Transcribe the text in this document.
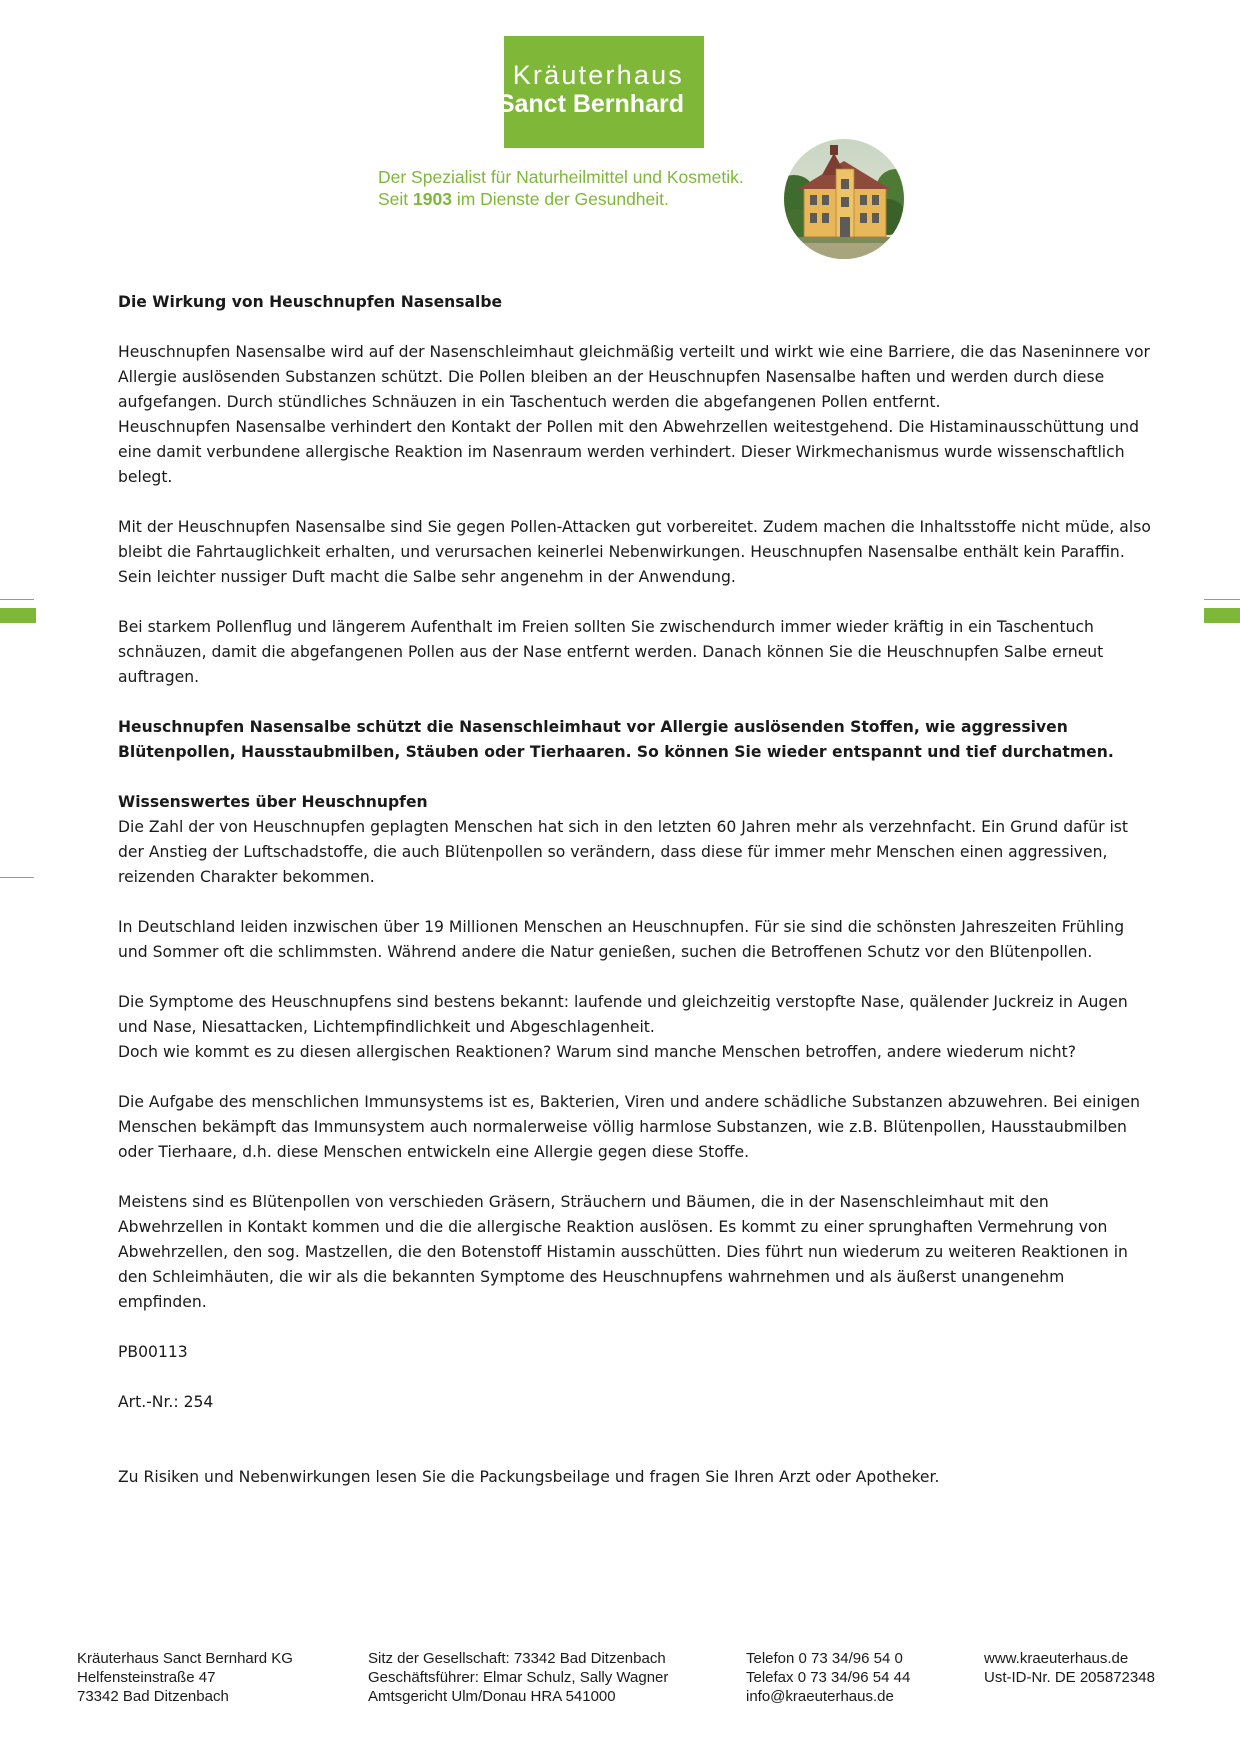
Kräuterhaus
Sanct Bernhard
Der Spezialist für Naturheilmittel und Kosmetik.
Seit 1903 im Dienste der Gesundheit.

Die Wirkung von Heuschnupfen Nasensalbe

Heuschnupfen Nasensalbe wird auf der Nasenschleimhaut gleichmäßig verteilt und wirkt wie eine Barriere, die das Naseninnere vor Allergie auslösenden Substanzen schützt. Die Pollen bleiben an der Heuschnupfen Nasensalbe haften und werden durch diese aufgefangen. Durch stündliches Schnäuzen in ein Taschentuch werden die abgefangenen Pollen entfernt.

Heuschnupfen Nasensalbe verhindert den Kontakt der Pollen mit den Abwehrzellen weitestgehend. Die Histaminausschüttung und eine damit verbundene allergische Reaktion im Nasenraum werden verhindert. Dieser Wirkmechanismus wurde wissenschaftlich belegt.

Mit der Heuschnupfen Nasensalbe sind Sie gegen Pollen-Attacken gut vorbereitet. Zudem machen die Inhaltsstoffe nicht müde, also bleibt die Fahrtauglichkeit erhalten, und verursachen keinerlei Nebenwirkungen. Heuschnupfen Nasensalbe enthält kein Paraffin. Sein leichter nussiger Duft macht die Salbe sehr angenehm in der Anwendung.

Bei starkem Pollenflug und längerem Aufenthalt im Freien sollten Sie zwischendurch immer wieder kräftig in ein Taschentuch schnäuzen, damit die abgefangenen Pollen aus der Nase entfernt werden. Danach können Sie die Heuschnupfen Salbe erneut auftragen.

Heuschnupfen Nasensalbe schützt die Nasenschleimhaut vor Allergie auslösenden Stoffen, wie aggressiven Blütenpollen, Hausstaubmilben, Stäuben oder Tierhaaren. So können Sie wieder entspannt und tief durchatmen.

Wissenswertes über Heuschnupfen
Die Zahl der von Heuschnupfen geplagten Menschen hat sich in den letzten 60 Jahren mehr als verzehnfacht. Ein Grund dafür ist der Anstieg der Luftschadstoffe, die auch Blütenpollen so verändern, dass diese für immer mehr Menschen einen aggressiven, reizenden Charakter bekommen.

In Deutschland leiden inzwischen über 19 Millionen Menschen an Heuschnupfen. Für sie sind die schönsten Jahreszeiten Frühling und Sommer oft die schlimmsten. Während andere die Natur genießen, suchen die Betroffenen Schutz vor den Blütenpollen.

Die Symptome des Heuschnupfens sind bestens bekannt: laufende und gleichzeitig verstopfte Nase, quälender Juckreiz in Augen und Nase, Niesattacken, Lichtempfindlichkeit und Abgeschlagenheit.

Doch wie kommt es zu diesen allergischen Reaktionen? Warum sind manche Menschen betroffen, andere wiederum nicht?

Die Aufgabe des menschlichen Immunsystems ist es, Bakterien, Viren und andere schädliche Substanzen abzuwehren. Bei einigen Menschen bekämpft das Immunsystem auch normalerweise völlig harmlose Substanzen, wie z.B. Blütenpollen, Hausstaubmilben oder Tierhaare, d.h. diese Menschen entwickeln eine Allergie gegen diese Stoffe.

Meistens sind es Blütenpollen von verschieden Gräsern, Sträuchern und Bäumen, die in der Nasenschleimhaut mit den Abwehrzellen in Kontakt kommen und die die allergische Reaktion auslösen. Es kommt zu einer sprunghaften Vermehrung von Abwehrzellen, den sog. Mastzellen, die den Botenstoff Histamin ausschütten. Dies führt nun wiederum zu weiteren Reaktionen in den Schleimhäuten, die wir als die bekannten Symptome des Heuschnupfens wahrnehmen und als äußerst unangenehm empfinden.

PB00113

Art.-Nr.: 254

Zu Risiken und Nebenwirkungen lesen Sie die Packungsbeilage und fragen Sie Ihren Arzt oder Apotheker.

Kräuterhaus Sanct Bernhard KG
Helfensteinstraße 47
73342 Bad Ditzenbach
Sitz der Gesellschaft: 73342 Bad Ditzenbach
Geschäftsführer: Elmar Schulz, Sally Wagner
Amtsgericht Ulm/Donau HRA 541000
Telefon 0 73 34/96 54 0
Telefax 0 73 34/96 54 44
info@kraeuterhaus.de
www.kraeuterhaus.de
Ust-ID-Nr. DE 205872348
